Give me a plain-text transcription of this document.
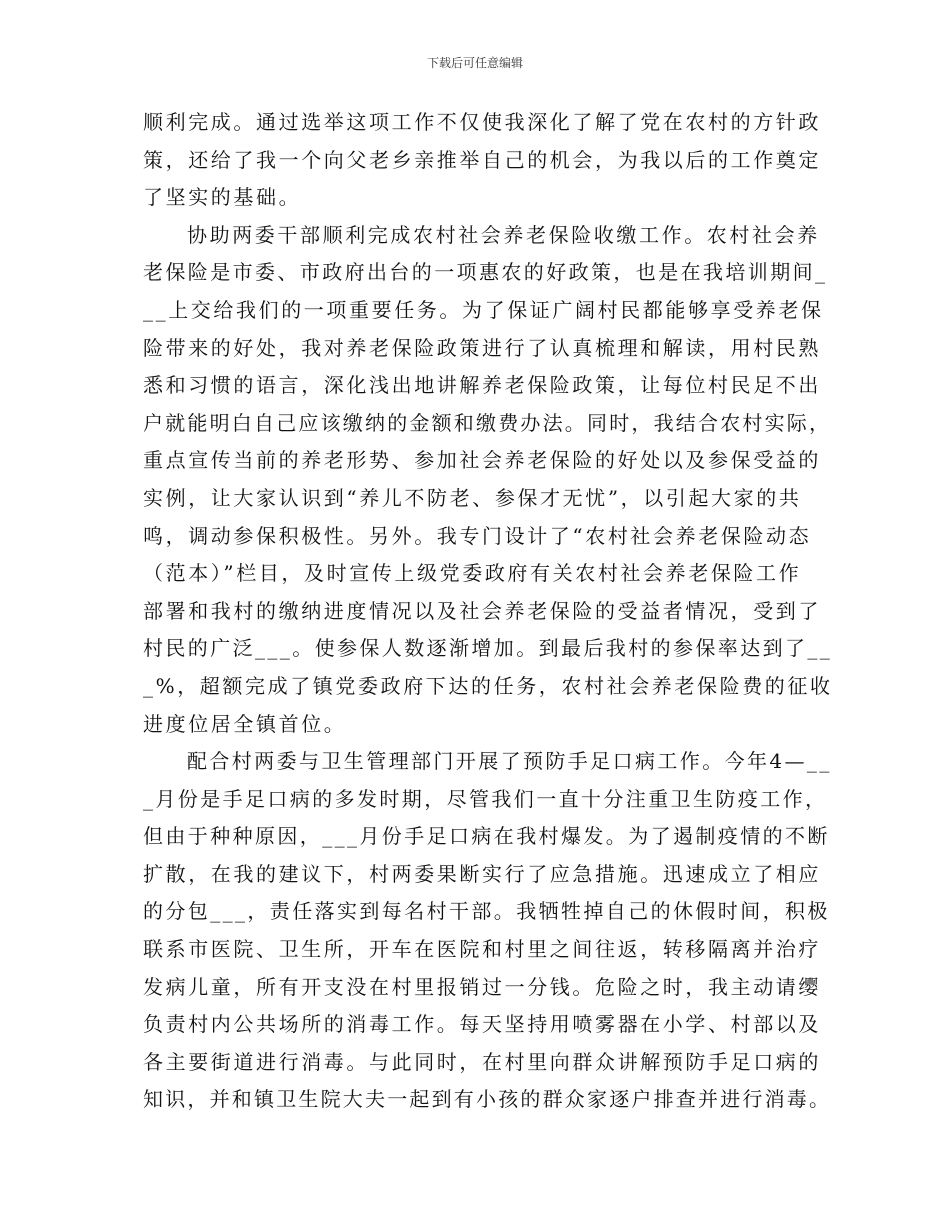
下载后可任意编辑
顺利完成。通过选举这项工作不仅使我深化了解了党在农村的方针政
策，还给了我一个向父老乡亲推举自己的机会，为我以后的工作奠定
了坚实的基础。
协助两委干部顺利完成农村社会养老保险收缴工作。农村社会养
老保险是市委、市政府出台的一项惠农的好政策，也是在我培训期间_
__上交给我们的一项重要任务。为了保证广阔村民都能够享受养老保
险带来的好处，我对养老保险政策进行了认真梳理和解读，用村民熟
悉和习惯的语言，深化浅出地讲解养老保险政策，让每位村民足不出
户就能明白自己应该缴纳的金额和缴费办法。同时，我结合农村实际，
重点宣传当前的养老形势、参加社会养老保险的好处以及参保受益的
实例，让大家认识到“养儿不防老、参保才无忧”，以引起大家的共
鸣，调动参保积极性。另外。我专门设计了“农村社会养老保险动态
（范本）”栏目，及时宣传上级党委政府有关农村社会养老保险工作
部署和我村的缴纳进度情况以及社会养老保险的受益者情况，受到了
村民的广泛___。使参保人数逐渐增加。到最后我村的参保率达到了__
_%，超额完成了镇党委政府下达的任务，农村社会养老保险费的征收
进度位居全镇首位。
配合村两委与卫生管理部门开展了预防手足口病工作。今年4—__
_月份是手足口病的多发时期，尽管我们一直十分注重卫生防疫工作，
但由于种种原因，___月份手足口病在我村爆发。为了遏制疫情的不断
扩散，在我的建议下，村两委果断实行了应急措施。迅速成立了相应
的分包___，责任落实到每名村干部。我牺牲掉自己的休假时间，积极
联系市医院、卫生所，开车在医院和村里之间往返，转移隔离并治疗
发病儿童，所有开支没在村里报销过一分钱。危险之时，我主动请缨
负责村内公共场所的消毒工作。每天坚持用喷雾器在小学、村部以及
各主要街道进行消毒。与此同时，在村里向群众讲解预防手足口病的
知识，并和镇卫生院大夫一起到有小孩的群众家逐户排查并进行消毒。
